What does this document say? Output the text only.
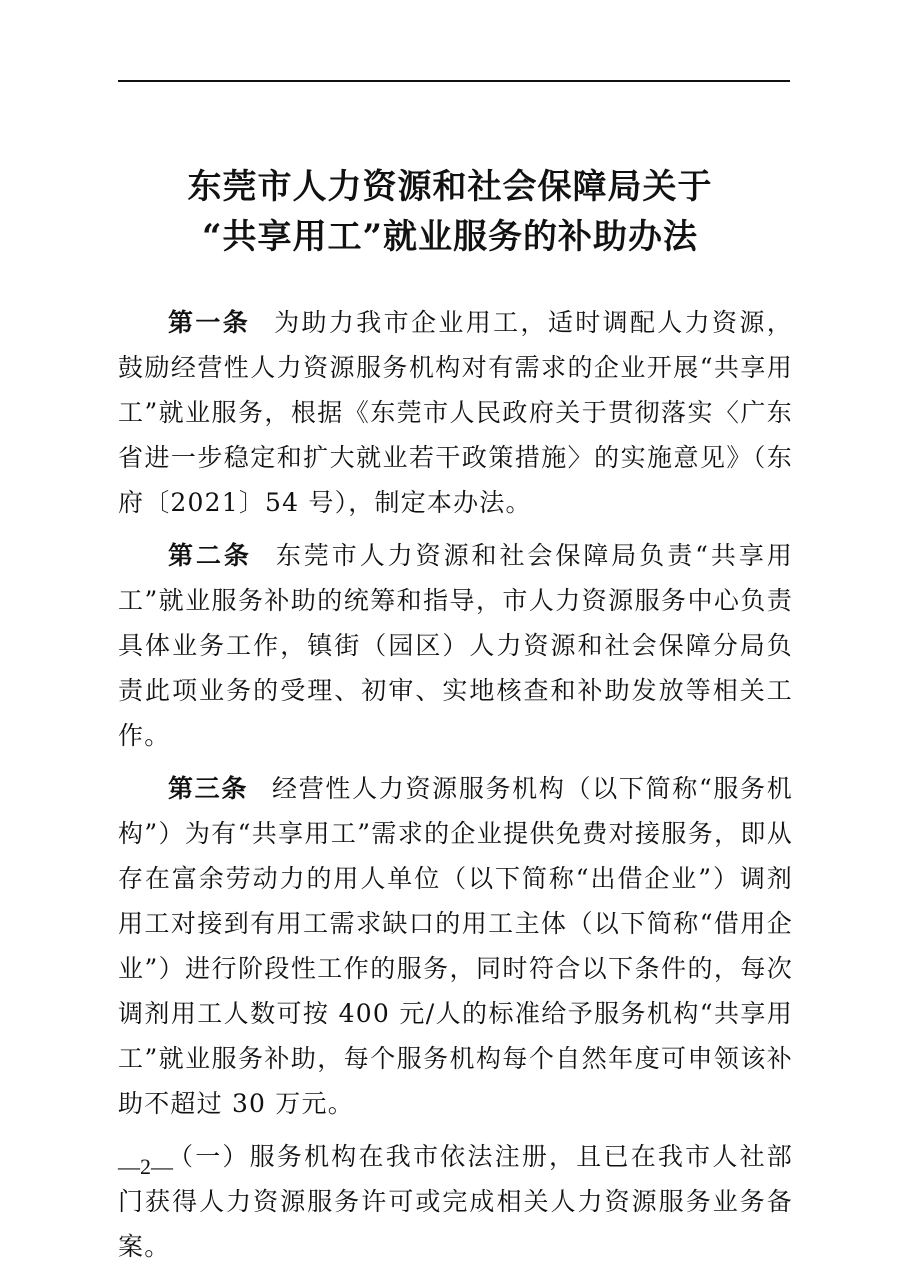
东莞市人力资源和社会保障局关于
“共享用工”就业服务的补助办法

第一条 为助力我市企业用工，适时调配人力资源，鼓励经营性人力资源服务机构对有需求的企业开展“共享用工”就业服务，根据《东莞市人民政府关于贯彻落实〈广东省进一步稳定和扩大就业若干政策措施〉的实施意见》（东府〔2021〕54 号），制定本办法。

第二条 东莞市人力资源和社会保障局负责“共享用工”就业服务补助的统筹和指导，市人力资源服务中心负责具体业务工作，镇街（园区）人力资源和社会保障分局负责此项业务的受理、初审、实地核查和补助发放等相关工作。

第三条 经营性人力资源服务机构（以下简称“服务机构”）为有“共享用工”需求的企业提供免费对接服务，即从存在富余劳动力的用人单位（以下简称“出借企业”）调剂用工对接到有用工需求缺口的用工主体（以下简称“借用企业”）进行阶段性工作的服务，同时符合以下条件的，每次调剂用工人数可按 400 元/人的标准给予服务机构“共享用工”就业服务补助，每个服务机构每个自然年度可申领该补助不超过 30 万元。

（一）服务机构在我市依法注册，且已在我市人社部门获得人力资源服务许可或完成相关人力资源服务业务备案。

—2—
